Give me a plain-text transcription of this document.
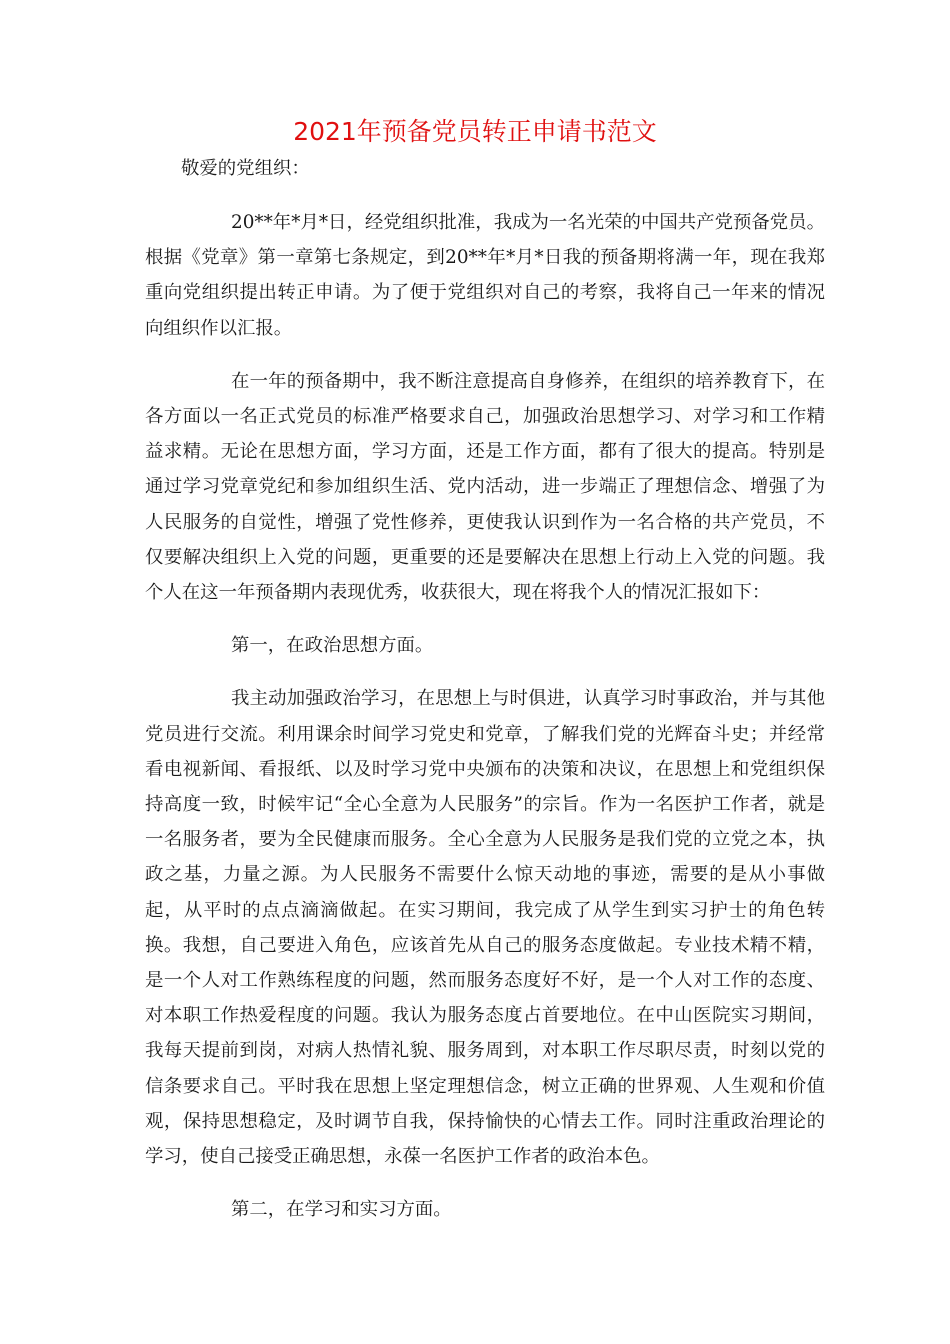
2021年预备党员转正申请书范文

敬爱的党组织：

20**年*月*日，经党组织批准，我成为一名光荣的中国共产党预备党员。根据《党章》第一章第七条规定，到20**年*月*日我的预备期将满一年，现在我郑重向党组织提出转正申请。为了便于党组织对自己的考察，我将自己一年来的情况向组织作以汇报。

在一年的预备期中，我不断注意提高自身修养，在组织的培养教育下，在各方面以一名正式党员的标准严格要求自己，加强政治思想学习、对学习和工作精益求精。无论在思想方面，学习方面，还是工作方面，都有了很大的提高。特别是通过学习党章党纪和参加组织生活、党内活动，进一步端正了理想信念、增强了为人民服务的自觉性，增强了党性修养，更使我认识到作为一名合格的共产党员，不仅要解决组织上入党的问题，更重要的还是要解决在思想上行动上入党的问题。我个人在这一年预备期内表现优秀，收获很大，现在将我个人的情况汇报如下：

第一，在政治思想方面。

我主动加强政治学习，在思想上与时俱进，认真学习时事政治，并与其他党员进行交流。利用课余时间学习党史和党章，了解我们党的光辉奋斗史；并经常看电视新闻、看报纸、以及时学习党中央颁布的决策和决议，在思想上和党组织保持高度一致，时候牢记“全心全意为人民服务”的宗旨。作为一名医护工作者，就是一名服务者，要为全民健康而服务。全心全意为人民服务是我们党的立党之本，执政之基，力量之源。为人民服务不需要什么惊天动地的事迹，需要的是从小事做起，从平时的点点滴滴做起。在实习期间，我完成了从学生到实习护士的角色转换。我想，自己要进入角色，应该首先从自己的服务态度做起。专业技术精不精，是一个人对工作熟练程度的问题，然而服务态度好不好，是一个人对工作的态度、对本职工作热爱程度的问题。我认为服务态度占首要地位。在中山医院实习期间，我每天提前到岗，对病人热情礼貌、服务周到，对本职工作尽职尽责，时刻以党的信条要求自己。平时我在思想上坚定理想信念，树立正确的世界观、人生观和价值观，保持思想稳定，及时调节自我，保持愉快的心情去工作。同时注重政治理论的学习，使自己接受正确思想，永葆一名医护工作者的政治本色。

第二，在学习和实习方面。
